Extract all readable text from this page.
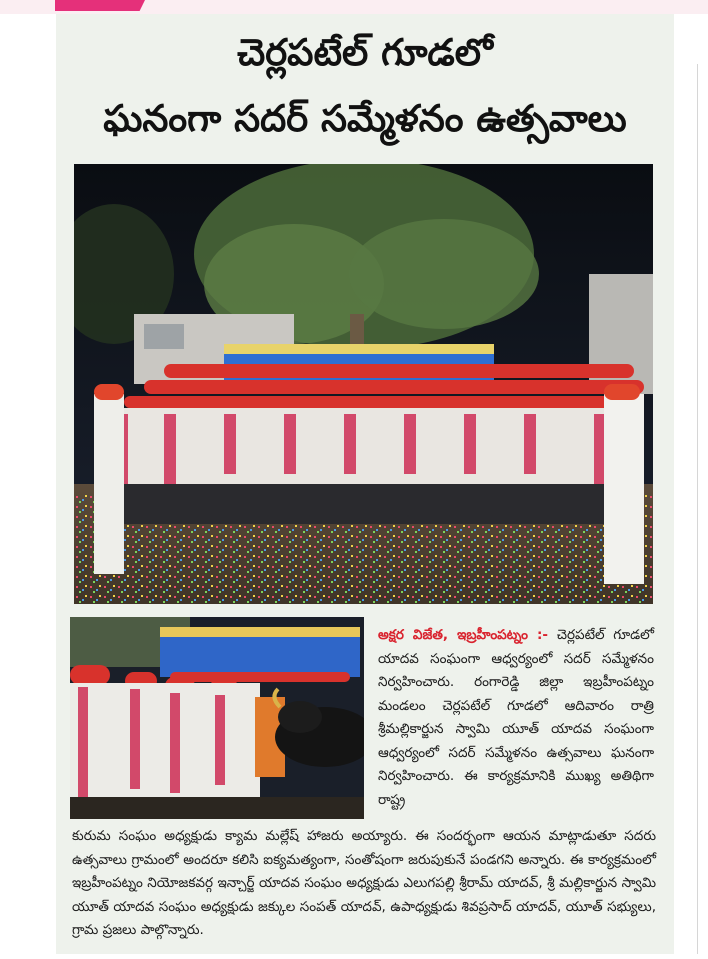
చెర్లపటేల్ గూడలో
ఘనంగా సదర్ సమ్మేళనం ఉత్సవాలు
అక్షర విజేత, ఇబ్రహీంపట్నం :- చెర్లపటేల్ గూడలో యాదవ సంఘంగా ఆధ్వర్యంలో సదర్ సమ్మేళనం నిర్వహించారు. రంగారెడ్డి జిల్లా ఇబ్రహీంపట్నం మండలం చెర్లపటేల్ గూడలో ఆదివారం రాత్రి శ్రీమల్లికార్జున స్వామి యూత్ యాదవ సంఘంగా ఆధ్వర్యంలో సదర్ సమ్మేళనం ఉత్సవాలు ఘనంగా నిర్వహించారు. ఈ కార్యక్రమానికి ముఖ్య అతిథిగా రాష్ట్ర
కురుమ సంఘం అధ్యక్షుడు క్యామ మల్లేష్ హాజరు అయ్యారు. ఈ సందర్భంగా ఆయన మాట్లాడుతూ సదరు ఉత్సవాలు గ్రామంలో అందరూ కలిసి ఐక్యమత్యంగా, సంతోషంగా జరుపుకునే పండగని అన్నారు. ఈ కార్యక్రమంలో ఇబ్రహీంపట్నం నియోజకవర్గ ఇన్చార్జ్ యాదవ సంఘం అధ్యక్షుడు ఎలుగపల్లి శ్రీరామ్ యాదవ్, శ్రీ మల్లికార్జున స్వామి యూత్ యాదవ సంఘం అధ్యక్షుడు జక్కుల సంపత్ యాదవ్, ఉపాధ్యక్షుడు శివప్రసాద్ యాదవ్, యూత్ సభ్యులు, గ్రామ ప్రజలు పాల్గొన్నారు.
